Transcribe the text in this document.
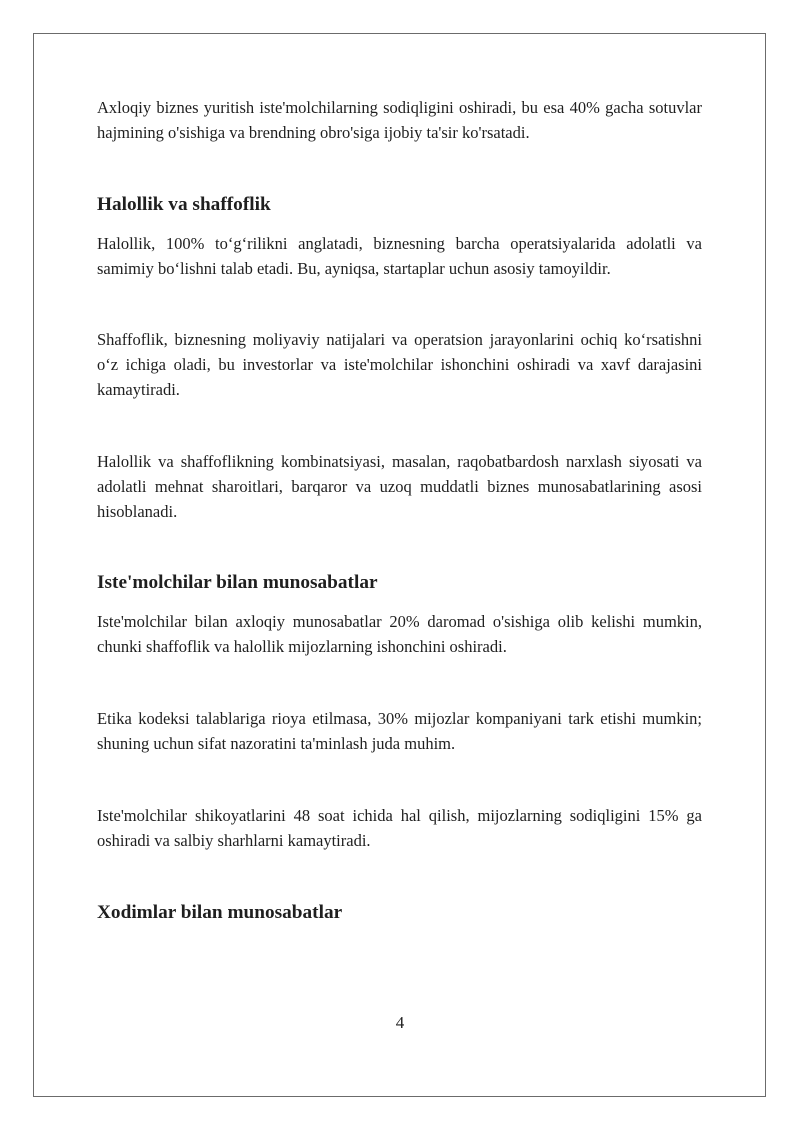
Axloqiy biznes yuritish iste'molchilarning sodiqligini oshiradi, bu esa 40% gacha sotuvlar hajmining o'sishiga va brendning obro'siga ijobiy ta'sir ko'rsatadi.

Halollik va shaffoflik

Halollik, 100% to‘g‘rilikni anglatadi, biznesning barcha operatsiyalarida adolatli va samimiy bo‘lishni talab etadi. Bu, ayniqsa, startaplar uchun asosiy tamoyildir.

Shaffoflik, biznesning moliyaviy natijalari va operatsion jarayonlarini ochiq ko‘rsatishni o‘z ichiga oladi, bu investorlar va iste'molchilar ishonchini oshiradi va xavf darajasini kamaytiradi.

Halollik va shaffoflikning kombinatsiyasi, masalan, raqobatbardosh narxlash siyosati va adolatli mehnat sharoitlari, barqaror va uzoq muddatli biznes munosabatlarining asosi hisoblanadi.

Iste'molchilar bilan munosabatlar

Iste'molchilar bilan axloqiy munosabatlar 20% daromad o'sishiga olib kelishi mumkin, chunki shaffoflik va halollik mijozlarning ishonchini oshiradi.

Etika kodeksi talablariga rioya etilmasa, 30% mijozlar kompaniyani tark etishi mumkin; shuning uchun sifat nazoratini ta'minlash juda muhim.

Iste'molchilar shikoyatlarini 48 soat ichida hal qilish, mijozlarning sodiqligini 15% ga oshiradi va salbiy sharhlarni kamaytiradi.

Xodimlar bilan munosabatlar
4
